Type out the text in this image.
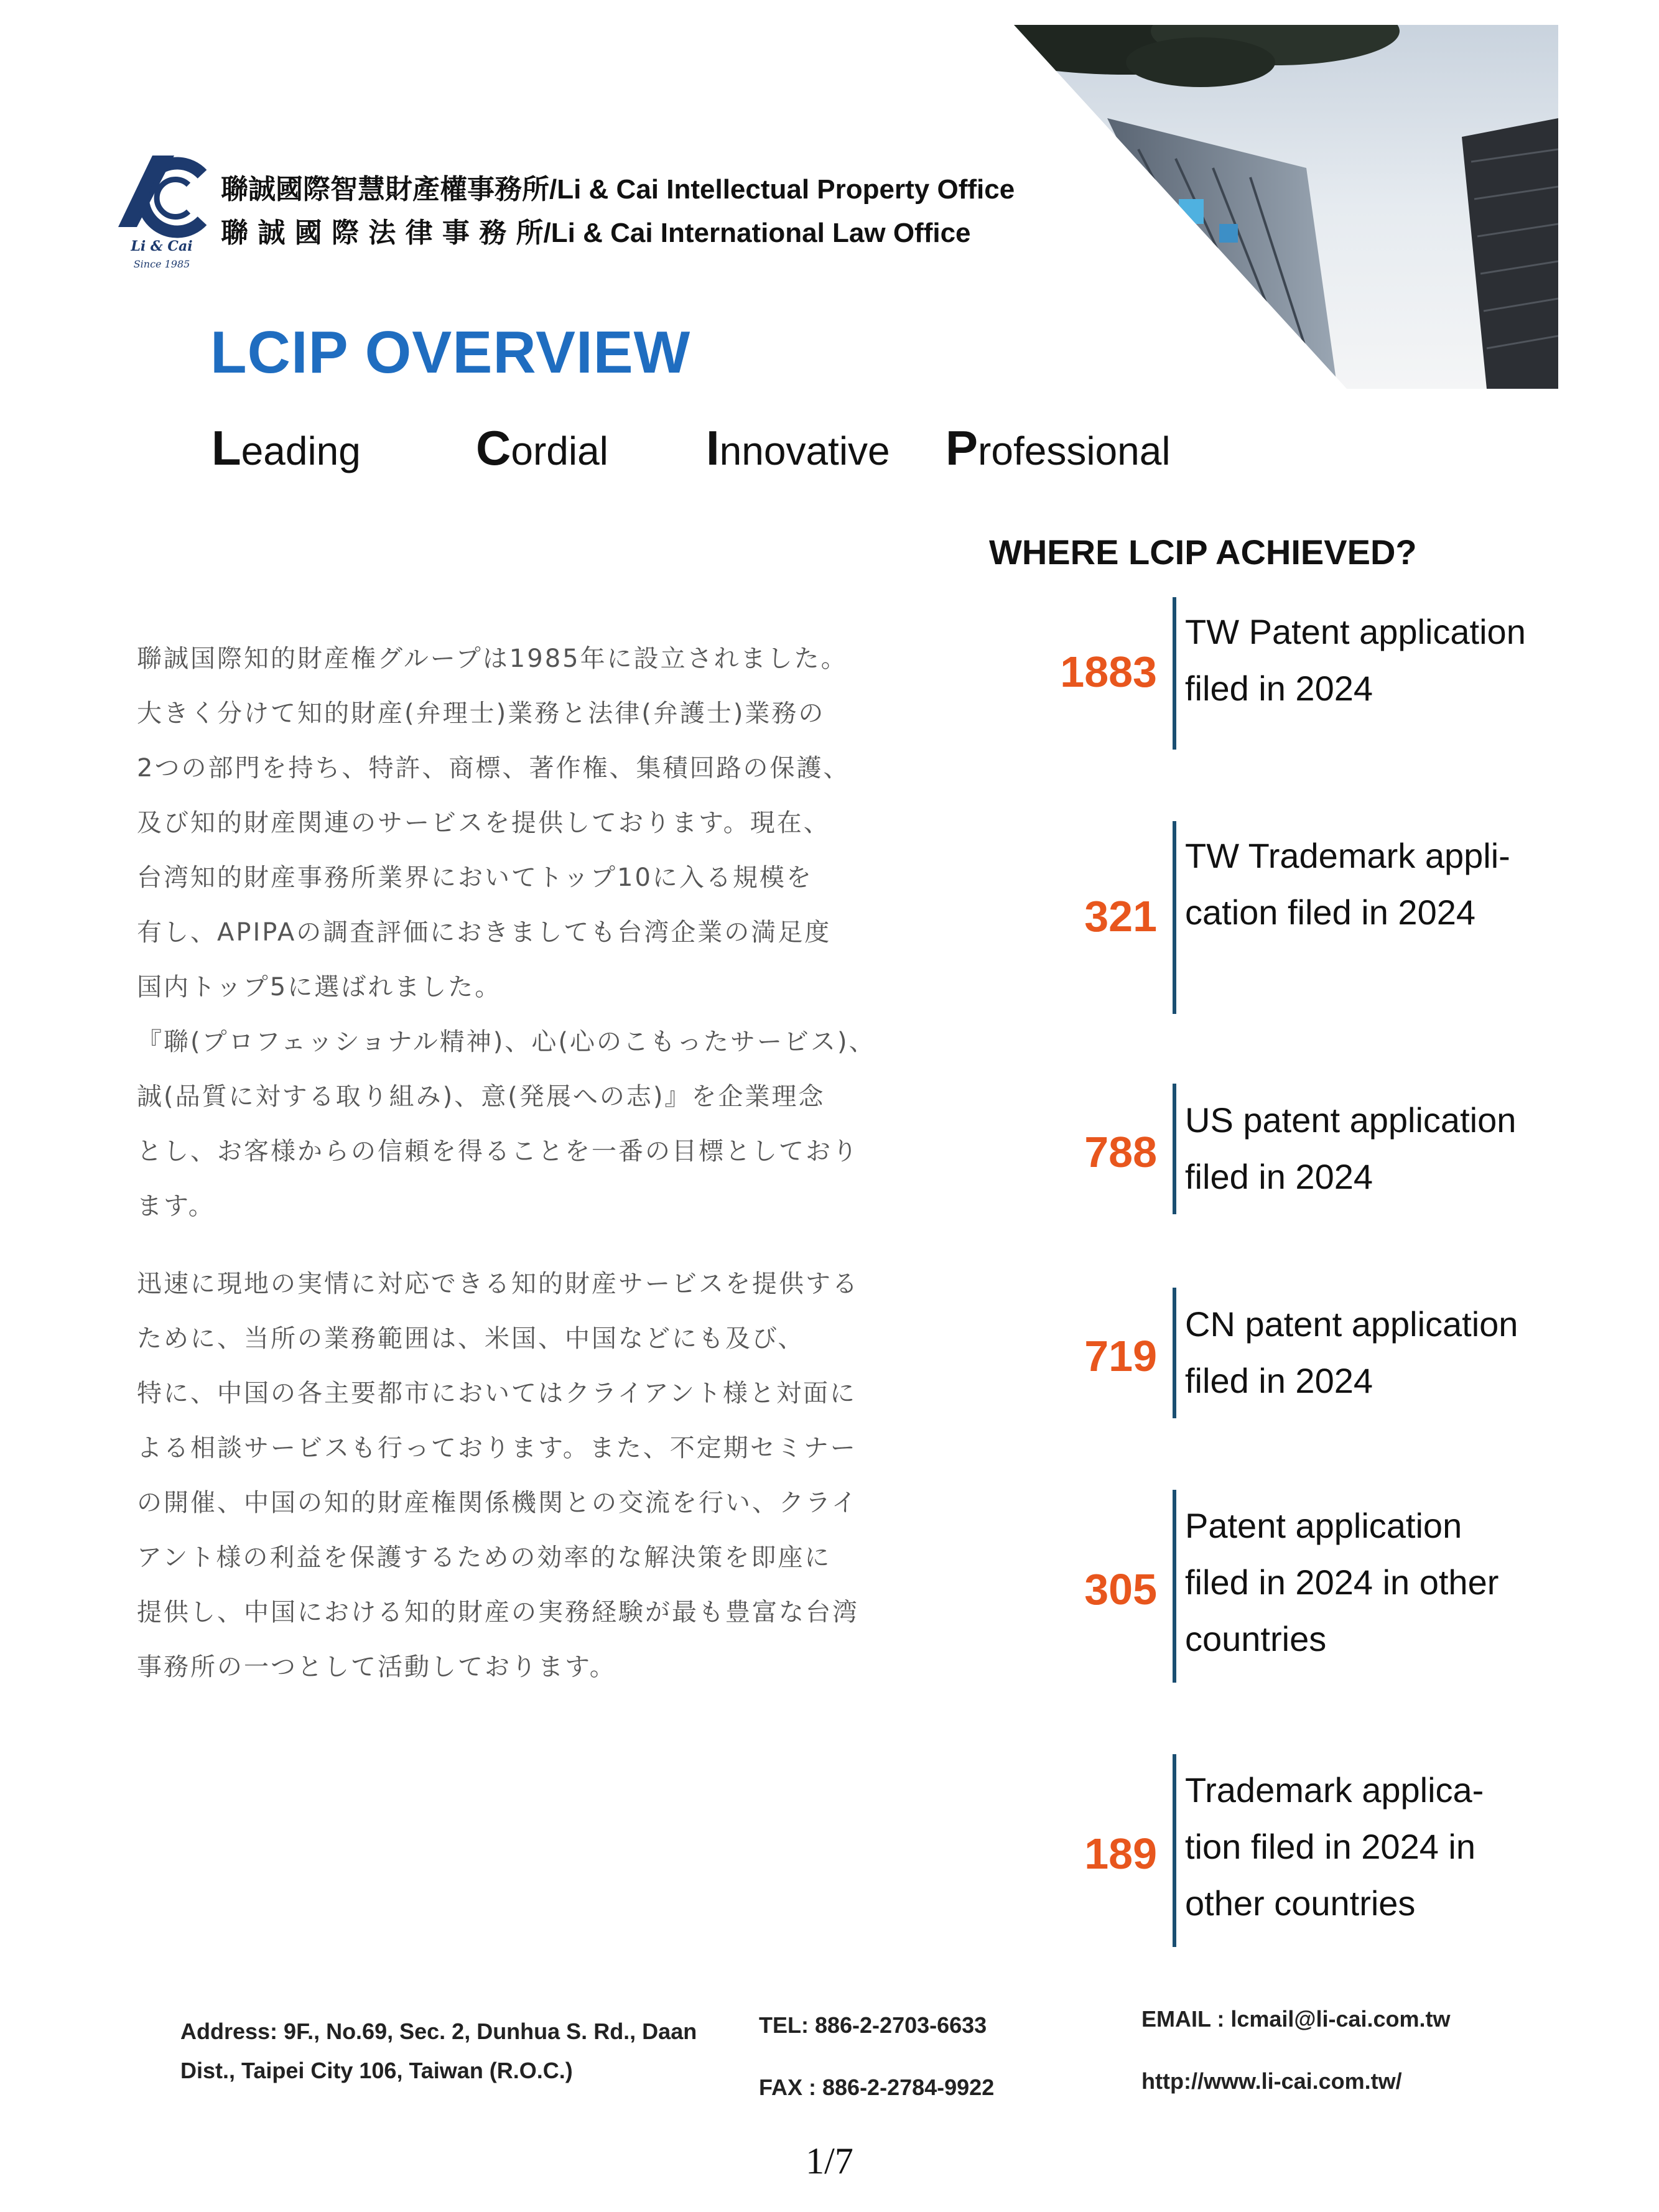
Li & Cai
Since 1985
聯誠國際智慧財產權事務所/Li & Cai Intellectual Property Office
聯 誠 國 際 法 律 事 務 所/Li & Cai International Law Office
LCIP OVERVIEW
Leading Cordial Innovative Professional
WHERE LCIP ACHIEVED?

聯誠国際知的財産権グループは1985年に設立されました。
大きく分けて知的財産(弁理士)業務と法律(弁護士)業務の
2つの部門を持ち、特許、商標、著作権、集積回路の保護、
及び知的財産関連のサービスを提供しております。現在、
台湾知的財産事務所業界においてトップ10に入る規模を
有し、APIPAの調査評価におきましても台湾企業の満足度
国内トップ5に選ばれました。
『聯(プロフェッショナル精神)、心(心のこもったサービス)、
誠(品質に対する取り組み)、意(発展への志)』を企業理念
とし、お客様からの信頼を得ることを一番の目標としており
ます。

迅速に現地の実情に対応できる知的財産サービスを提供する
ために、当所の業務範囲は、米国、中国などにも及び、
特に、中国の各主要都市においてはクライアント様と対面に
よる相談サービスも行っております。また、不定期セミナー
の開催、中国の知的財産権関係機関との交流を行い、クライ
アント様の利益を保護するための効率的な解決策を即座に
提供し、中国における知的財産の実務経験が最も豊富な台湾
事務所の一つとして活動しております。

1883
TW Patent application
filed in 2024
321
TW Trademark appli-
cation filed in 2024
788
US patent application
filed in 2024
719
CN patent application
filed in 2024
305
Patent application
filed in 2024 in other
countries
189
Trademark applica-
tion filed in 2024 in
other countries
Address: 9F., No.69, Sec. 2, Dunhua S. Rd., Daan
Dist., Taipei City 106, Taiwan (R.O.C.)
TEL: 886-2-2703-6633
FAX : 886-2-2784-9922
EMAIL : lcmail@li-cai.com.tw
http://www.li-cai.com.tw/
1/7
